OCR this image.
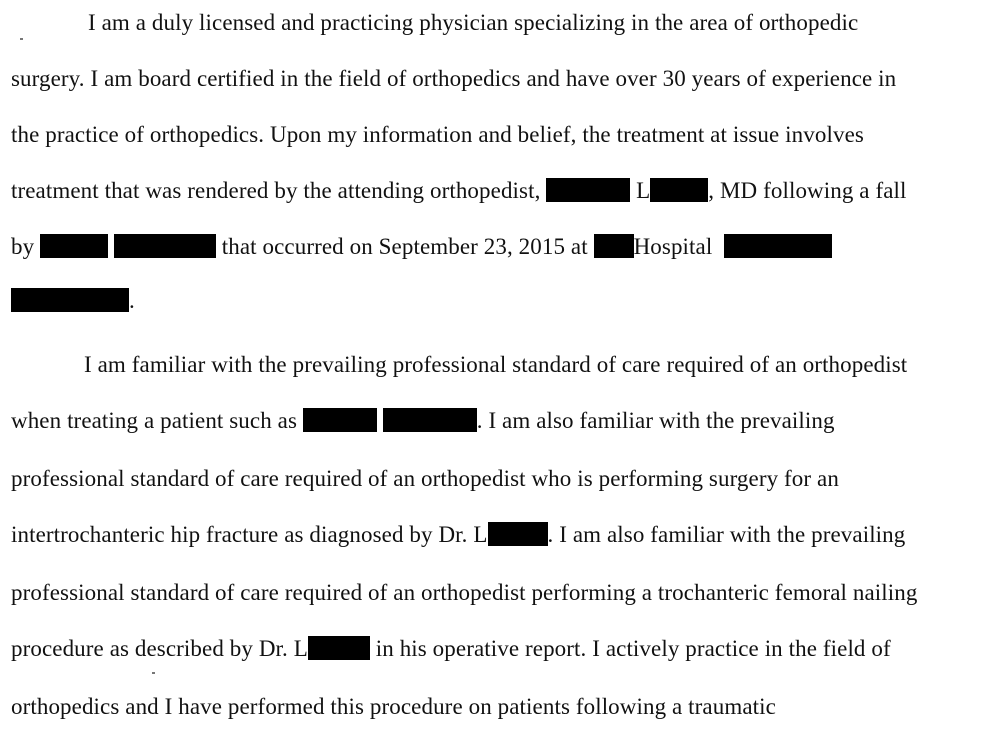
I am a duly licensed and practicing physician specializing in the area of orthopedic
surgery. I am board certified in the field of orthopedics and have over 30 years of experience in
the practice of orthopedics. Upon my information and belief, the treatment at issue involves
treatment that was rendered by the attending orthopedist,	L	, MD following a fall
by	that occurred on September 23, 2015 at Hospital
.
I am familiar with the prevailing professional standard of care required of an orthopedist
when treating a patient such as	. I am also familiar with the prevailing
professional standard of care required of an orthopedist who is performing surgery for an
intertrochanteric hip fracture as diagnosed by Dr. L	. I am also familiar with the prevailing
professional standard of care required of an orthopedist performing a trochanteric femoral nailing
procedure as described by Dr. L	in his operative report. I actively practice in the field of
orthopedics and I have performed this procedure on patients following a traumatic
